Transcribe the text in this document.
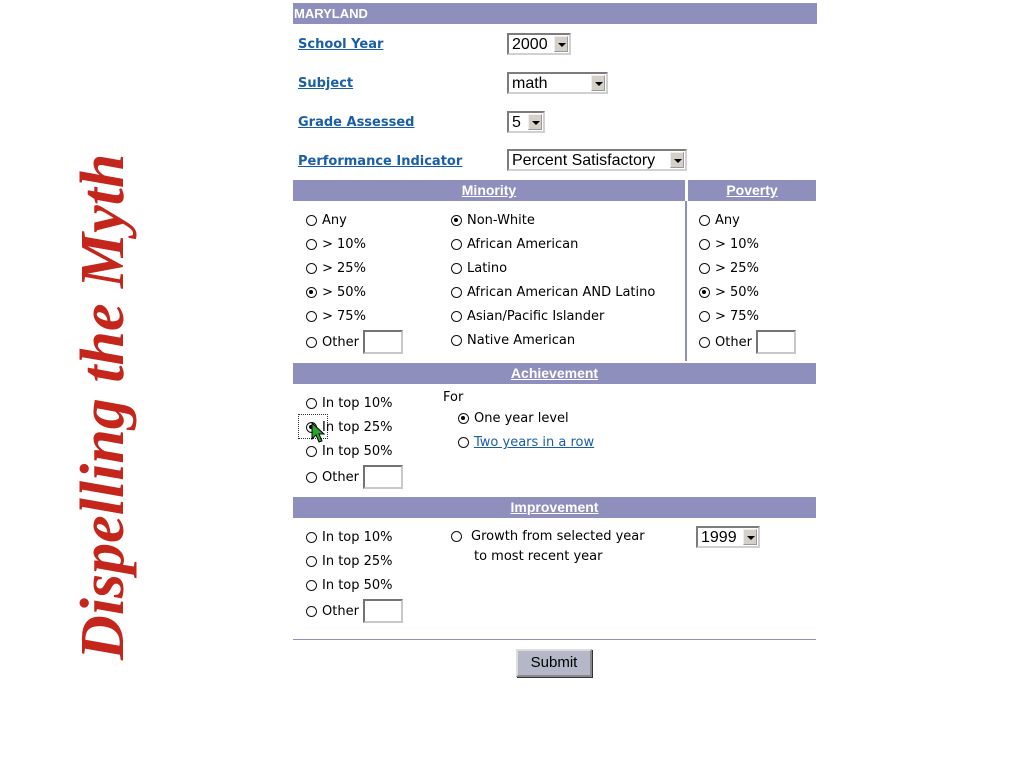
Dispelling the Myth
MARYLAND
School Year	2000
Subject	math
Grade Assessed	5
Performance Indicator	Percent Satisfactory
Minority	Poverty
Any
> 10%
> 25%
> 50%
> 75%
Other
Non-White
African American
Latino
African American AND Latino
Asian/Pacific Islander
Native American
Any
> 10%
> 25%
> 50%
> 75%
Other
Achievement
In top 10%
In top 25%
In top 50%
Other
For
One year level
Two years in a row
Improvement
In top 10%
In top 25%
In top 50%
Other
Growth from selected year
to most recent year
1999
Submit
